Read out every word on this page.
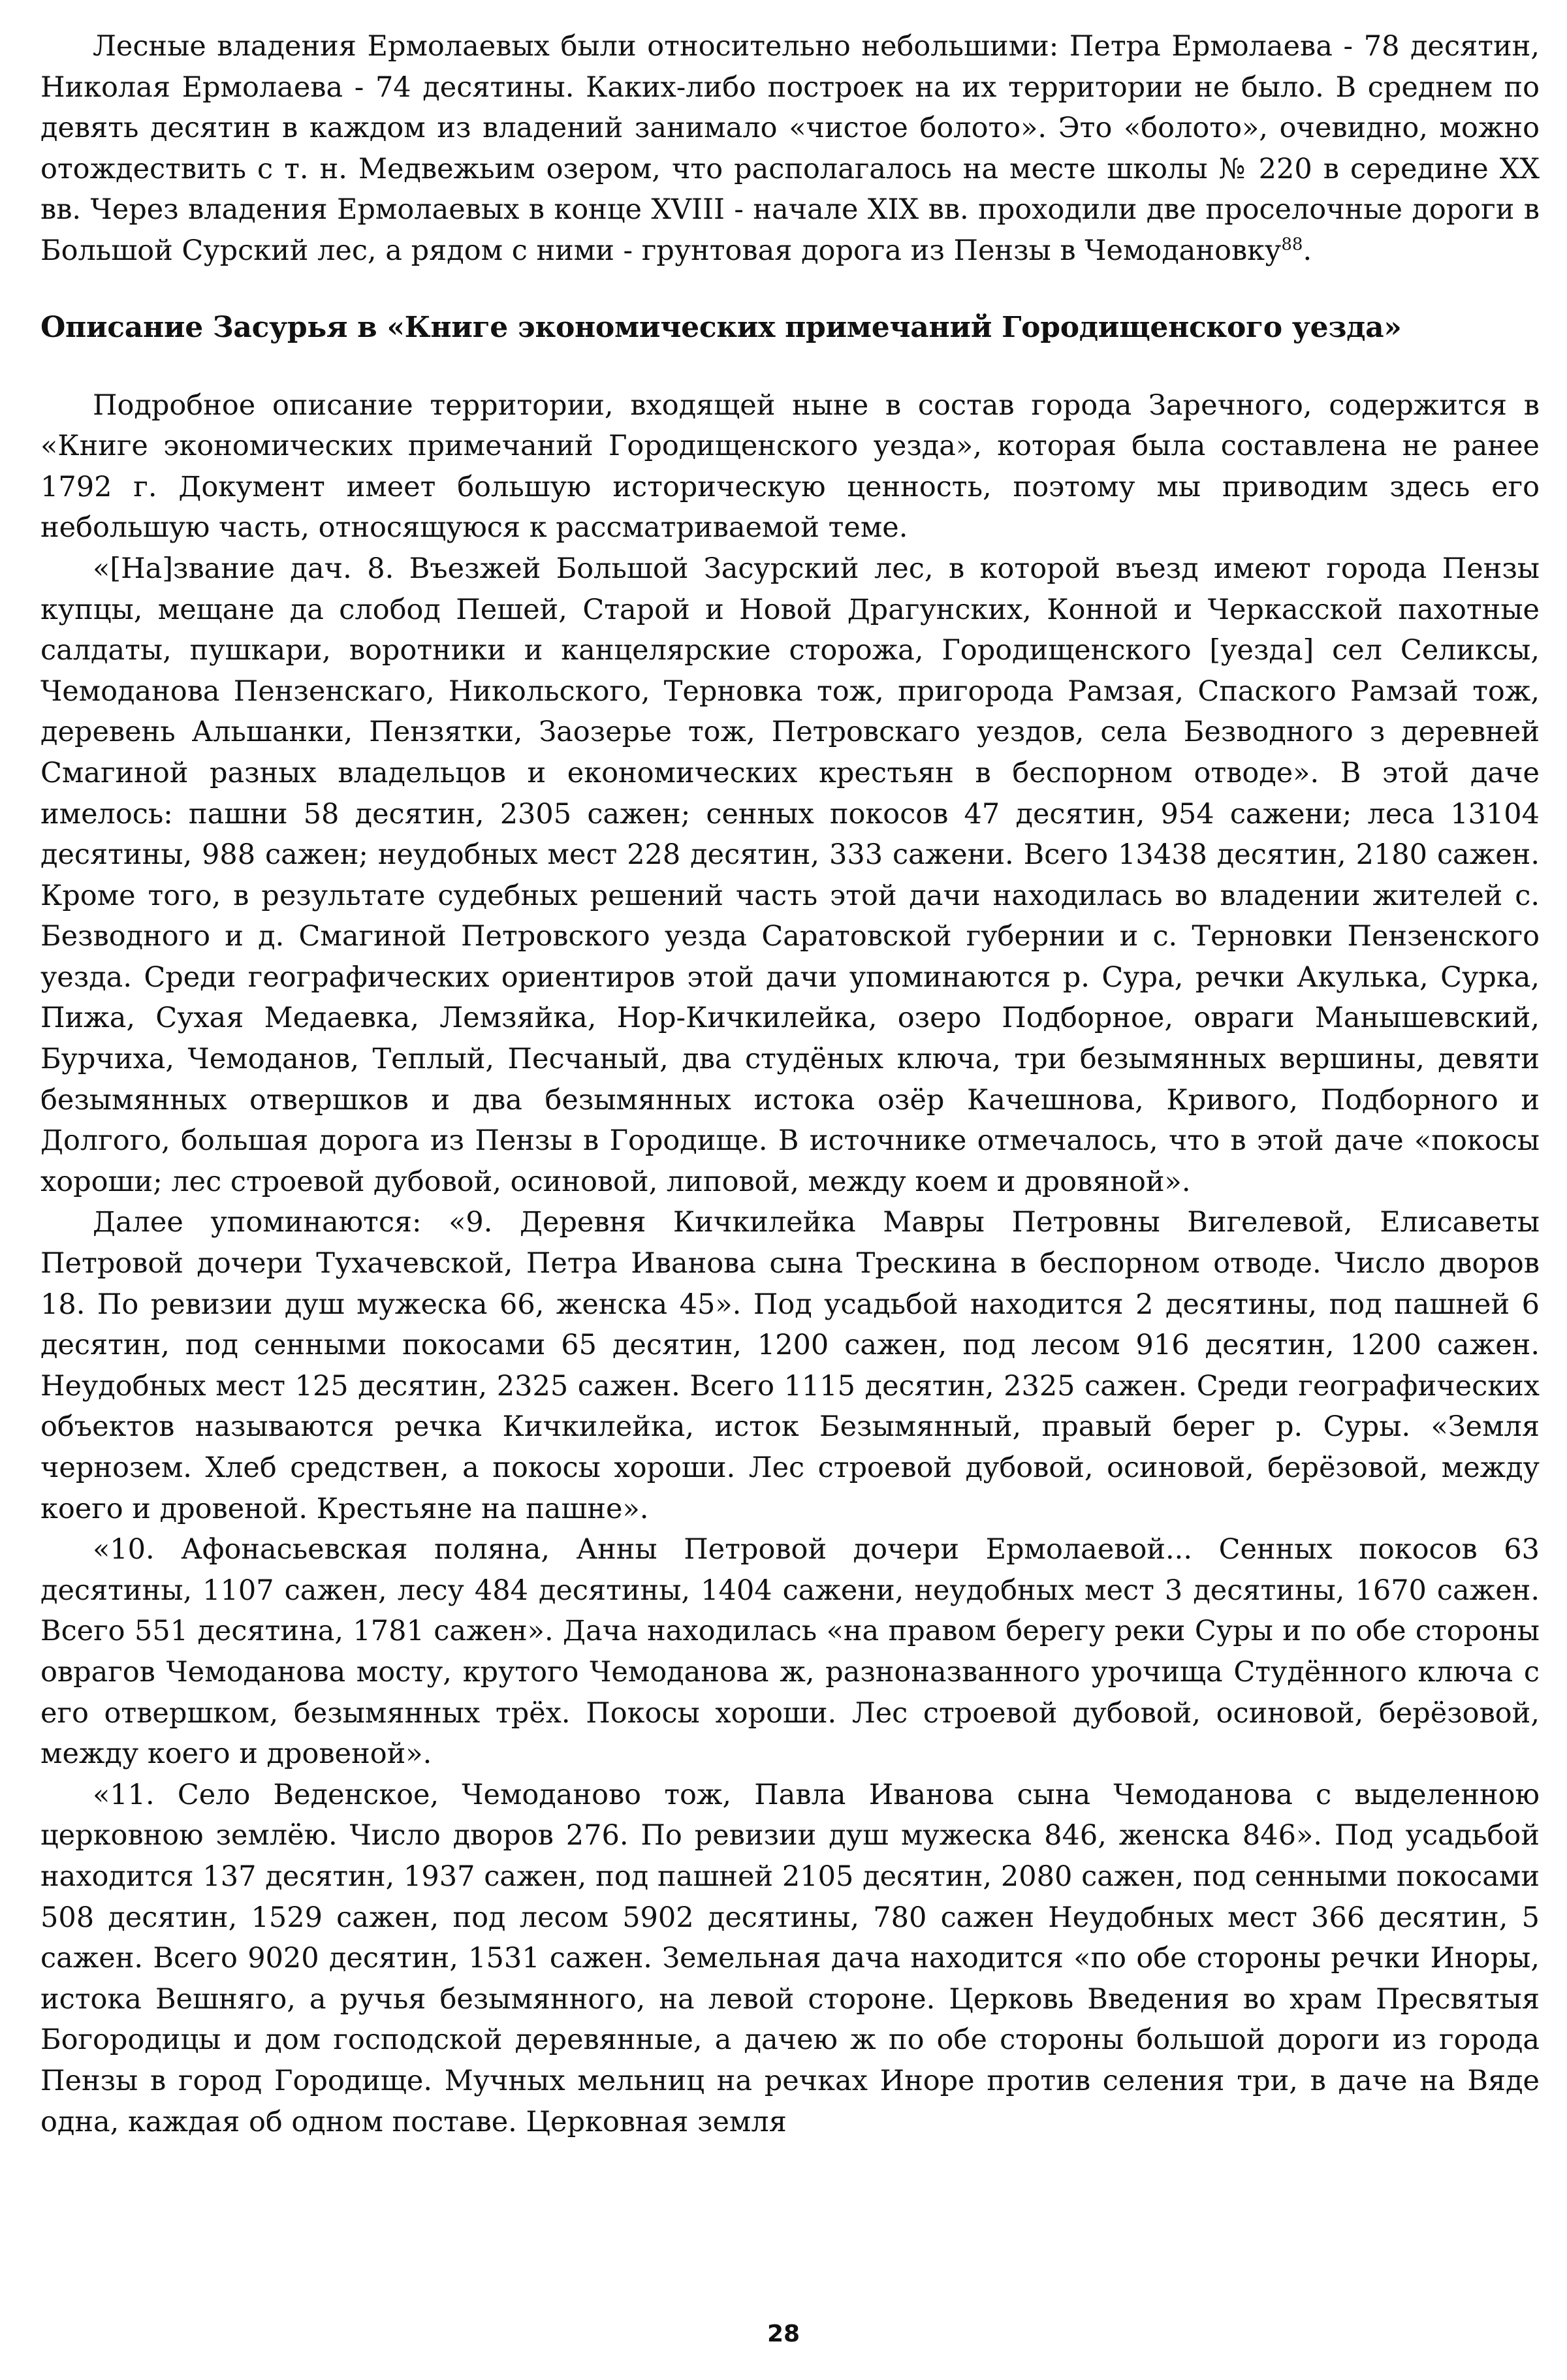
Лесные владения Ермолаевых были относительно небольшими: Петра Ермолаева - 78 десятин, Николая Ермолаева - 74 десятины. Каких-либо построек на их территории не было. В среднем по девять десятин в каждом из владений занимало «чистое болото». Это «болото», очевидно, можно отождествить с т. н. Медвежьим озером, что располагалось на месте школы № 220 в середине XX вв. Через владения Ермолаевых в конце XVIII - начале XIX вв. проходили две проселочные дороги в Большой Сурский лес, а рядом с ними - грунтовая дорога из Пензы в Чемодановку$^{88}$.

Описание Засурья в «Книге экономических примечаний Городищенского уезда»

Подробное описание территории, входящей ныне в состав города Заречного, содержится в «Книге экономических примечаний Городищенского уезда», которая была составлена не ранее 1792 г. Документ имеет большую историческую ценность, поэтому мы приводим здесь его небольшую часть, относящуюся к рассматриваемой теме.

«[На]звание дач. 8. Въезжей Большой Засурский лес, в которой въезд имеют города Пензы купцы, мещане да слобод Пешей, Старой и Новой Драгунских, Конной и Черкасской пахотные салдаты, пушкари, воротники и канцелярские сторожа, Городищенского [уезда] сел Селиксы, Чемоданова Пензенскаго, Никольского, Терновка тож, пригорода Рамзая, Спаского Рамзай тож, деревень Альшанки, Пензятки, Заозерье тож, Петровскаго уездов, села Безводного з деревней Смагиной разных владельцов и економических крестьян в беспорном отводе». В этой даче имелось: пашни 58 десятин, 2305 сажен; сенных покосов 47 десятин, 954 сажени; леса 13104 десятины, 988 сажен; неудобных мест 228 десятин, 333 сажени. Всего 13438 десятин, 2180 сажен. Кроме того, в результате судебных решений часть этой дачи находилась во владении жителей с. Безводного и д. Смагиной Петровского уезда Саратовской губернии и с. Терновки Пензенского уезда. Среди географических ориентиров этой дачи упоминаются р. Сура, речки Акулька, Сурка, Пижа, Сухая Медаевка, Лемзяйка, Нор-Кичкилейка, озеро Подборное, овраги Манышевский, Бурчиха, Чемоданов, Теплый, Песчаный, два студёных ключа, три безымянных вершины, девяти безымянных отвершков и два безымянных истока озёр Качешнова, Кривого, Подборного и Долгого, большая дорога из Пензы в Городище. В источнике отмечалось, что в этой даче «покосы хороши; лес строевой дубовой, осиновой, липовой, между коем и дровяной».

Далее упоминаются: «9. Деревня Кичкилейка Мавры Петровны Вигелевой, Елисаветы Петровой дочери Тухачевской, Петра Иванова сына Трескина в беспорном отводе. Число дворов 18. По ревизии душ мужеска 66, женска 45». Под усадьбой находится 2 десятины, под пашней 6 десятин, под сенными покосами 65 десятин, 1200 сажен, под лесом 916 десятин, 1200 сажен. Неудобных мест 125 десятин, 2325 сажен. Всего 1115 десятин, 2325 сажен. Среди географических объектов называются речка Кичкилейка, исток Безымянный, правый берег р. Суры. «Земля чернозем. Хлеб средствен, а покосы хороши. Лес строевой дубовой, осиновой, берёзовой, между коего и дровеной. Крестьяне на пашне».

«10. Афонасьевская поляна, Анны Петровой дочери Ермолаевой... Сенных покосов 63 десятины, 1107 сажен, лесу 484 десятины, 1404 сажени, неудобных мест 3 десятины, 1670 сажен. Всего 551 десятина, 1781 сажен». Дача находилась «на правом берегу реки Суры и по обе стороны оврагов Чемоданова мосту, крутого Чемоданова ж, разноназванного урочища Студённого ключа с его отвершком, безымянных трёх. Покосы хороши. Лес строевой дубовой, осиновой, берёзовой, между коего и дровеной».

«11. Село Веденское, Чемоданово тож, Павла Иванова сына Чемоданова с выделенною церковною землёю. Число дворов 276. По ревизии душ мужеска 846, женска 846». Под усадьбой находится 137 десятин, 1937 сажен, под пашней 2105 десятин, 2080 сажен, под сенными покосами 508 десятин, 1529 сажен, под лесом 5902 десятины, 780 сажен Неудобных мест 366 десятин, 5 сажен. Всего 9020 десятин, 1531 сажен. Земельная дача находится «по обе стороны речки Иноры, истока Вешняго, а ручья безымянного, на левой стороне. Церковь Введения во храм Пресвятыя Богородицы и дом господской деревянные, а дачею ж по обе стороны большой дороги из города Пензы в город Городище. Мучных мельниц на речках Иноре против селения три, в даче на Вяде одна, каждая об одном поставе. Церковная земля

28
